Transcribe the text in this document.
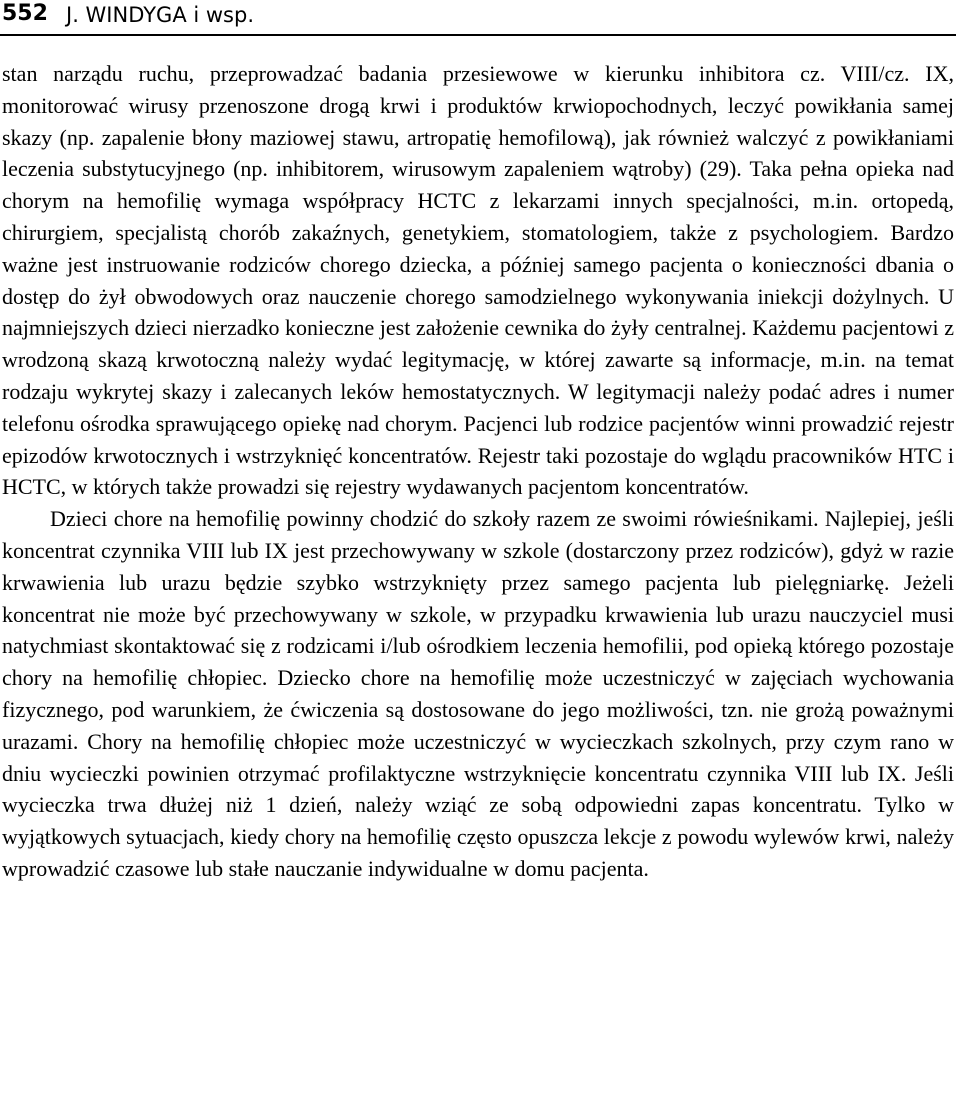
552 J. WINDYGA i wsp.

stan narządu ruchu, przeprowadzać badania przesiewowe w kierunku inhibitora cz. VIII/cz. IX, monitorować wirusy przenoszone drogą krwi i produktów krwiopochodnych, leczyć powikłania samej skazy (np. zapalenie błony maziowej stawu, artropatię hemofilową), jak również walczyć z powikłaniami leczenia substytucyjnego (np. inhibitorem, wirusowym zapaleniem wątroby) (29). Taka pełna opieka nad chorym na hemofilię wymaga współpracy HCTC z lekarzami innych specjalności, m.in. ortopedą, chirurgiem, specjalistą chorób zakaźnych, genetykiem, stomatologiem, także z psychologiem. Bardzo ważne jest instruowanie rodziców chorego dziecka, a później samego pacjenta o konieczności dbania o dostęp do żył obwodowych oraz nauczenie chorego samodzielnego wykonywania iniekcji dożylnych. U najmniejszych dzieci nierzadko konieczne jest założenie cewnika do żyły centralnej. Każdemu pacjentowi z wrodzoną skazą krwotoczną należy wydać legitymację, w której zawarte są informacje, m.in. na temat rodzaju wykrytej skazy i zalecanych leków hemostatycznych. W legitymacji należy podać adres i numer telefonu ośrodka sprawującego opiekę nad chorym. Pacjenci lub rodzice pacjentów winni prowadzić rejestr epizodów krwotocznych i wstrzyknięć koncentratów. Rejestr taki pozostaje do wglądu pracowników HTC i HCTC, w których także prowadzi się rejestry wydawanych pacjentom koncentratów.

Dzieci chore na hemofilię powinny chodzić do szkoły razem ze swoimi rówieśnikami. Najlepiej, jeśli koncentrat czynnika VIII lub IX jest przechowywany w szkole (dostarczony przez rodziców), gdyż w razie krwawienia lub urazu będzie szybko wstrzyknięty przez samego pacjenta lub pielęgniarkę. Jeżeli koncentrat nie może być przechowywany w szkole, w przypadku krwawienia lub urazu nauczyciel musi natychmiast skontaktować się z rodzicami i/lub ośrodkiem leczenia hemofilii, pod opieką którego pozostaje chory na hemofilię chłopiec. Dziecko chore na hemofilię może uczestniczyć w zajęciach wychowania fizycznego, pod warunkiem, że ćwiczenia są dostosowane do jego możliwości, tzn. nie grożą poważnymi urazami. Chory na hemofilię chłopiec może uczestniczyć w wycieczkach szkolnych, przy czym rano w dniu wycieczki powinien otrzymać profilaktyczne wstrzyknięcie koncentratu czynnika VIII lub IX. Jeśli wycieczka trwa dłużej niż 1 dzień, należy wziąć ze sobą odpowiedni zapas koncentratu. Tylko w wyjątkowych sytuacjach, kiedy chory na hemofilię często opuszcza lekcje z powodu wylewów krwi, należy wprowadzić czasowe lub stałe nauczanie indywidualne w domu pacjenta.
